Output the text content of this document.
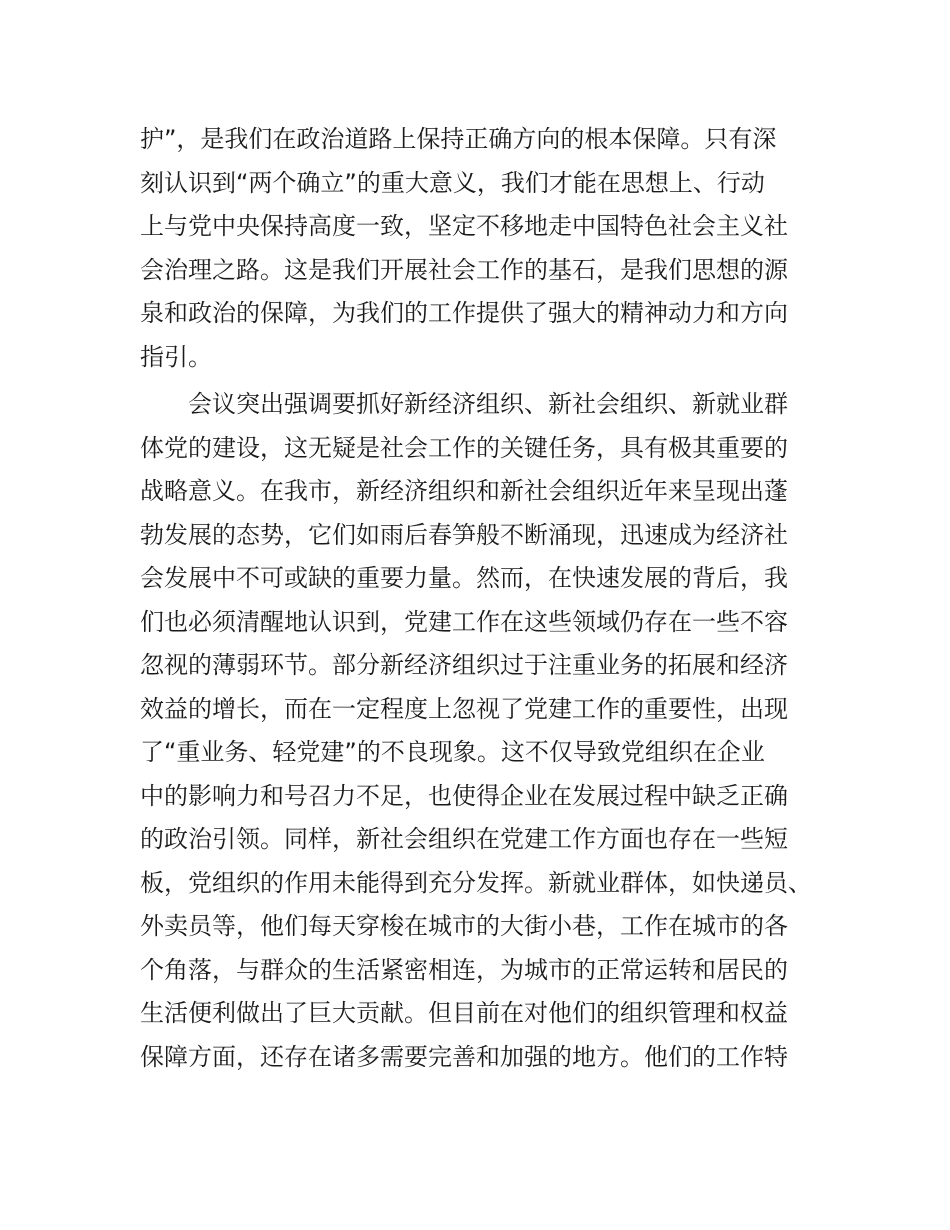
护”，是我们在政治道路上保持正确方向的根本保障。只有深
刻认识到“两个确立”的重大意义，我们才能在思想上、行动
上与党中央保持高度一致，坚定不移地走中国特色社会主义社
会治理之路。这是我们开展社会工作的基石，是我们思想的源
泉和政治的保障，为我们的工作提供了强大的精神动力和方向
指引。
会议突出强调要抓好新经济组织、新社会组织、新就业群
体党的建设，这无疑是社会工作的关键任务，具有极其重要的
战略意义。在我市，新经济组织和新社会组织近年来呈现出蓬
勃发展的态势，它们如雨后春笋般不断涌现，迅速成为经济社
会发展中不可或缺的重要力量。然而，在快速发展的背后，我
们也必须清醒地认识到，党建工作在这些领域仍存在一些不容
忽视的薄弱环节。部分新经济组织过于注重业务的拓展和经济
效益的增长，而在一定程度上忽视了党建工作的重要性，出现
了“重业务、轻党建”的不良现象。这不仅导致党组织在企业
中的影响力和号召力不足，也使得企业在发展过程中缺乏正确
的政治引领。同样，新社会组织在党建工作方面也存在一些短
板，党组织的作用未能得到充分发挥。新就业群体，如快递员、
外卖员等，他们每天穿梭在城市的大街小巷，工作在城市的各
个角落，与群众的生活紧密相连，为城市的正常运转和居民的
生活便利做出了巨大贡献。但目前在对他们的组织管理和权益
保障方面，还存在诸多需要完善和加强的地方。他们的工作特
